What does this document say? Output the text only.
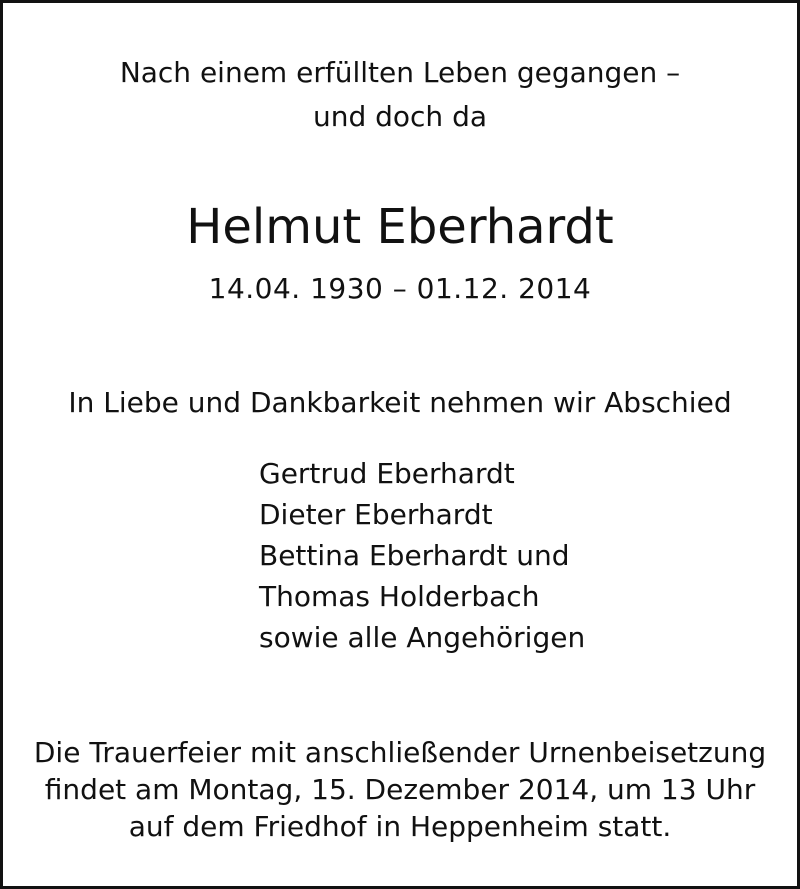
Nach einem erfüllten Leben gegangen –
und doch da
Helmut Eberhardt
14.04. 1930 – 01.12. 2014
In Liebe und Dankbarkeit nehmen wir Abschied
Gertrud Eberhardt
Dieter Eberhardt
Bettina Eberhardt und
Thomas Holderbach
sowie alle Angehörigen
Die Trauerfeier mit anschließender Urnenbeisetzung
findet am Montag, 15. Dezember 2014, um 13 Uhr
auf dem Friedhof in Heppenheim statt.
